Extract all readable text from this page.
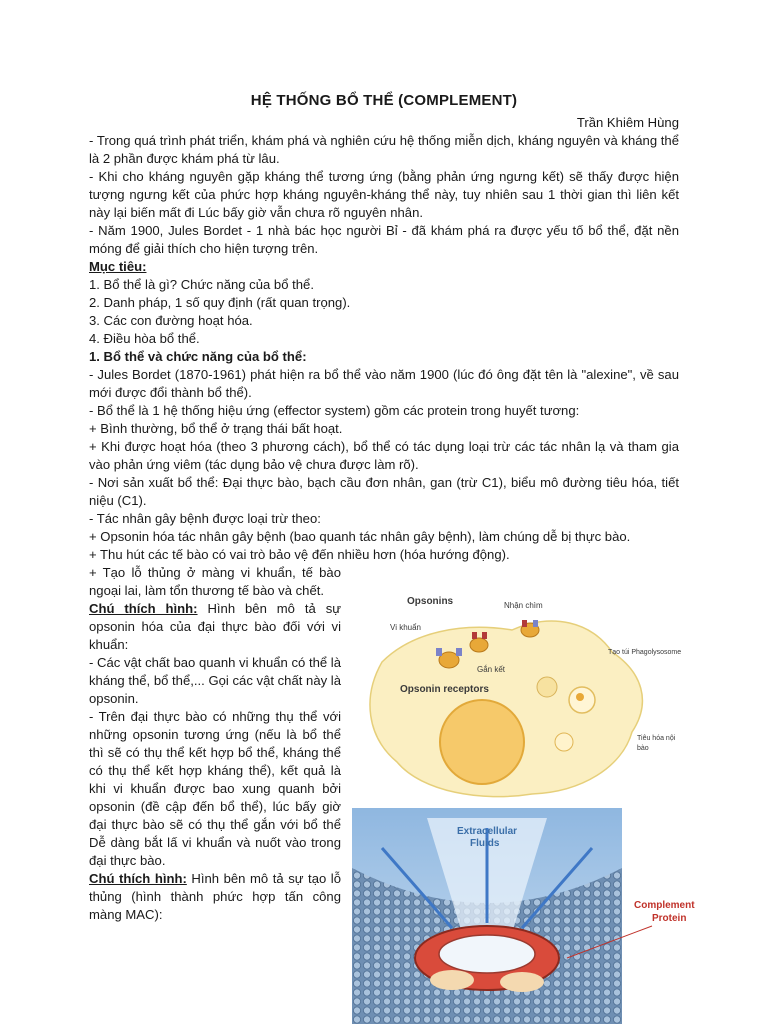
HỆ THỐNG BỔ THỂ (COMPLEMENT)

Trần Khiêm Hùng

- Trong quá trình phát triển, khám phá và nghiên cứu hệ thống miễn dịch, kháng nguyên và kháng thể là 2 phần được khám phá từ lâu.

- Khi cho kháng nguyên gặp kháng thể tương ứng (bằng phản ứng ngưng kết) sẽ thấy được hiện tượng ngưng kết của phức hợp kháng nguyên-kháng thể này, tuy nhiên sau 1 thời gian thì liên kết này lại biến mất đi Lúc bấy giờ vẫn chưa rõ nguyên nhân.

- Năm 1900, Jules Bordet - 1 nhà bác học người Bỉ - đã khám phá ra được yếu tố bổ thể, đặt nền móng để giải thích cho hiện tượng trên.

Mục tiêu:

1. Bổ thể là gì? Chức năng của bổ thể.

2. Danh pháp, 1 số quy định (rất quan trọng).

3. Các con đường hoạt hóa.

4. Điều hòa bổ thể.

1. Bổ thể và chức năng của bổ thể:

- Jules Bordet (1870-1961) phát hiện ra bổ thể vào năm 1900 (lúc đó ông đặt tên là "alexine", về sau mới được đổi thành bổ thể).

- Bổ thể là 1 hệ thống hiệu ứng (effector system) gồm các protein trong huyết tương:

+ Bình thường, bổ thể ở trạng thái bất hoạt.

+ Khi được hoạt hóa (theo 3 phương cách), bổ thể có tác dụng loại trừ các tác nhân lạ và tham gia vào phản ứng viêm (tác dụng bảo vệ chưa được làm rõ).

- Nơi sản xuất bổ thể: Đại thực bào, bạch cầu đơn nhân, gan (trừ C1), biểu mô đường tiêu hóa, tiết niệu (C1).

- Tác nhân gây bệnh được loại trừ theo:

+ Opsonin hóa tác nhân gây bệnh (bao quanh tác nhân gây bệnh), làm chúng dễ bị thực bào.

+ Thu hút các tế bào có vai trò bảo vệ đến nhiều hơn (hóa hướng động).

+ Tạo lỗ thủng ở màng vi khuẩn, tế bào ngoại lai, làm tổn thương tế bào và chết.

Chú thích hình: Hình bên mô tả sự opsonin hóa của đại thực bào đối với vi khuẩn:

- Các vật chất bao quanh vi khuẩn có thể là kháng thể, bổ thể,... Gọi các vật chất này là opsonin.

- Trên đại thực bào có những thụ thể với những opsonin tương ứng (nếu là bổ thể thì sẽ có thụ thể kết hợp bổ thể, kháng thể có thụ thể kết hợp kháng thể), kết quả là khi vi khuẩn được bao xung quanh bởi opsonin (đề cập đến bổ thể), lúc bấy giờ đại thực bào sẽ có thụ thể gắn với bổ thể Dễ dàng bắt lấ vi khuẩn và nuốt vào trong đại thực bào.

Chú thích hình: Hình bên mô tả sự tạo lỗ thủng (hình thành phức hợp tấn công màng MAC):

Opsonins
Vi khuẩn
Nhận chìm
Gắn kết
Tạo túi Phagolysosome
Opsonin receptors
Tiêu hóa nội
bào
Extracellular
Fluids
Complement
Protein
